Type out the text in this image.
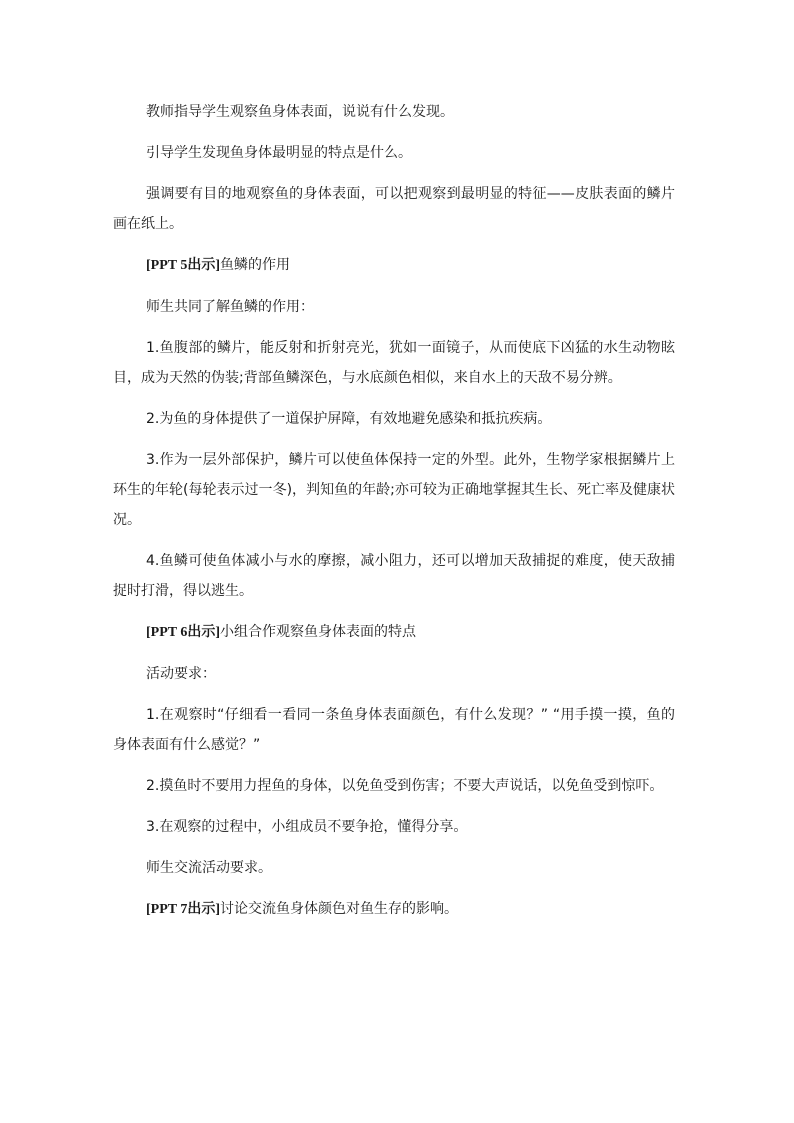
教师指导学生观察鱼身体表面，说说有什么发现。

引导学生发现鱼身体最明显的特点是什么。

强调要有目的地观察鱼的身体表面，可以把观察到最明显的特征——皮肤表面的鳞片画在纸上。

[PPT 5出示]鱼鳞的作用

师生共同了解鱼鳞的作用：

1.鱼腹部的鳞片，能反射和折射亮光，犹如一面镜子，从而使底下凶猛的水生动物眩目，成为天然的伪装;背部鱼鳞深色，与水底颜色相似，来自水上的天敌不易分辨。

2.为鱼的身体提供了一道保护屏障，有效地避免感染和抵抗疾病。

3.作为一层外部保护，鳞片可以使鱼体保持一定的外型。此外，生物学家根据鳞片上环生的年轮(每轮表示过一冬)，判知鱼的年龄;亦可较为正确地掌握其生长、死亡率及健康状况。

4.鱼鳞可使鱼体减小与水的摩擦，减小阻力，还可以增加天敌捕捉的难度，使天敌捕捉时打滑，得以逃生。

[PPT 6出示]小组合作观察鱼身体表面的特点

活动要求：

1.在观察时“仔细看一看同一条鱼身体表面颜色，有什么发现？” “用手摸一摸，鱼的身体表面有什么感觉？”

2.摸鱼时不要用力捏鱼的身体，以免鱼受到伤害；不要大声说话，以免鱼受到惊吓。

3.在观察的过程中，小组成员不要争抢，懂得分享。

师生交流活动要求。

[PPT 7出示]讨论交流鱼身体颜色对鱼生存的影响。
